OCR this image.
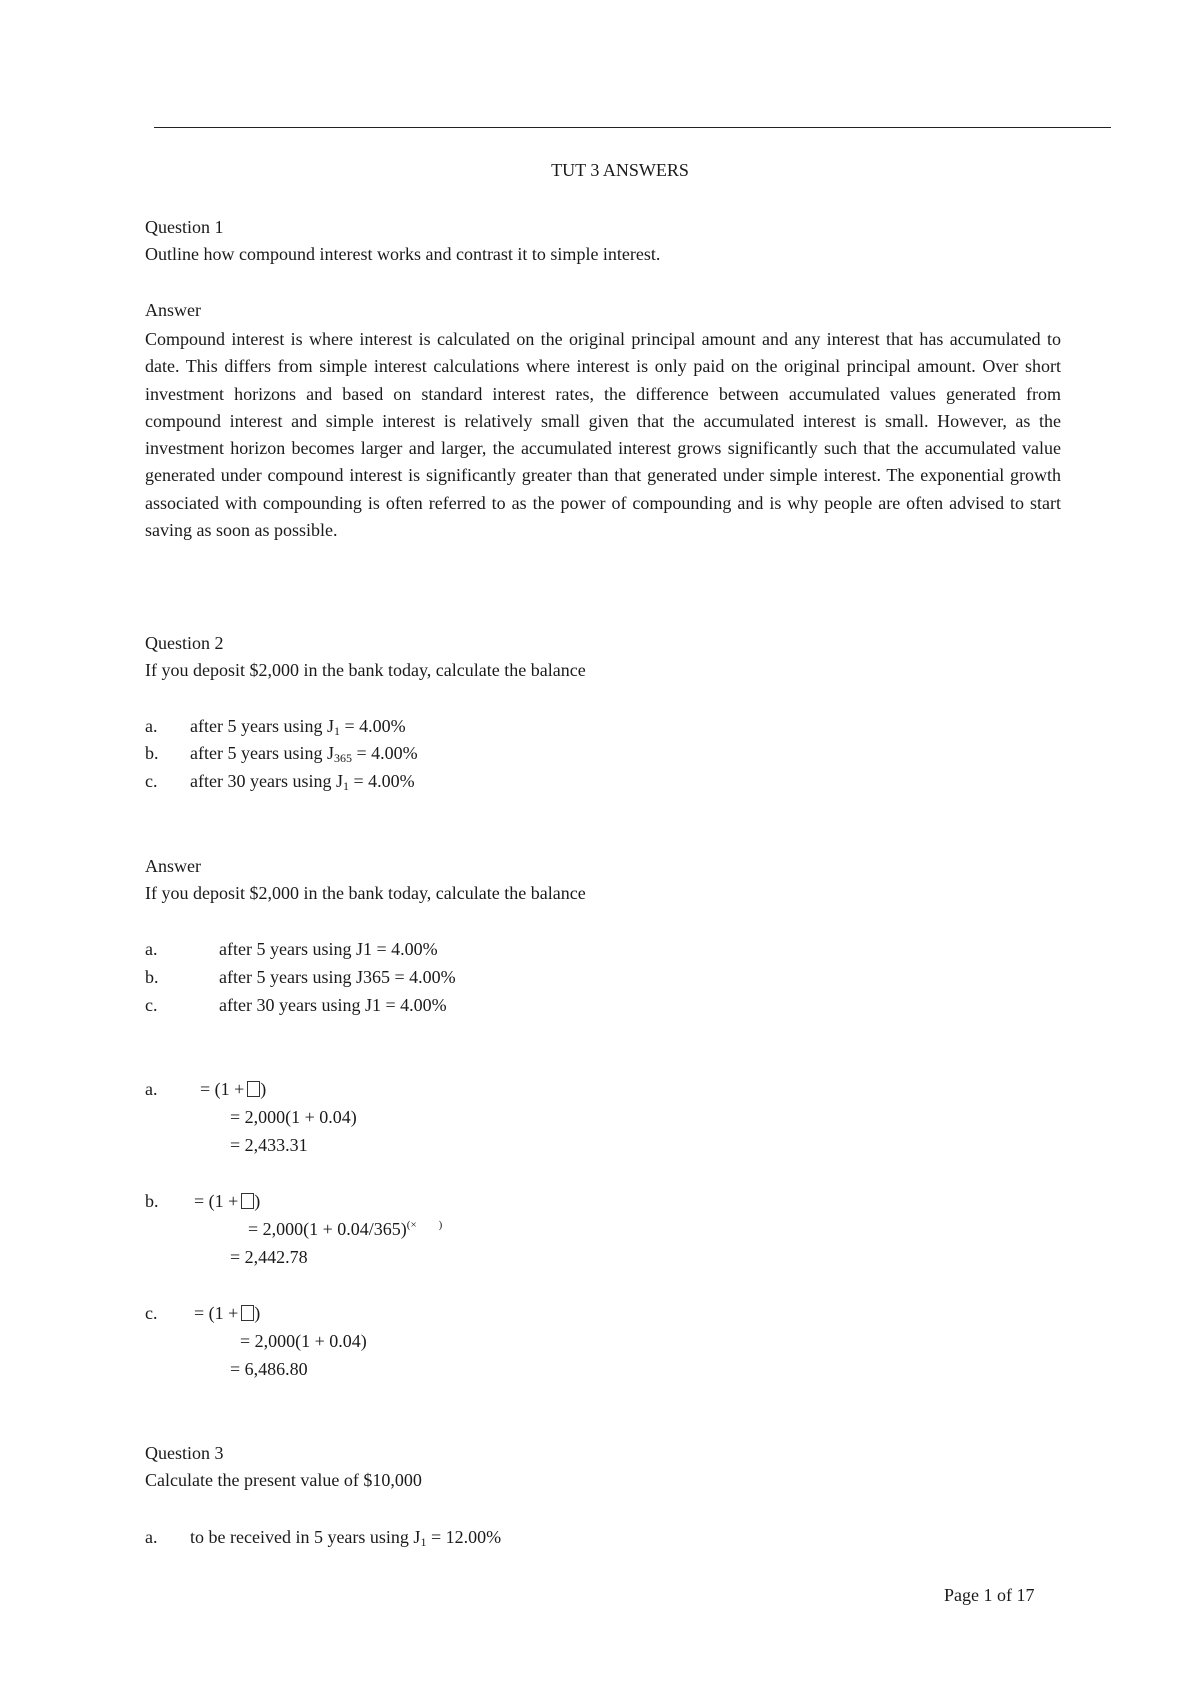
TUT 3 ANSWERS
Question 1
Outline how compound interest works and contrast it to simple interest.
Answer
Compound interest is where interest is calculated on the original principal amount and any interest that has accumulated to date. This differs from simple interest calculations where interest is only paid on the original principal amount. Over short investment horizons and based on standard interest rates, the difference between accumulated values generated from compound interest and simple interest is relatively small given that the accumulated interest is small. However, as the investment horizon becomes larger and larger, the accumulated interest grows significantly such that the accumulated value generated under compound interest is significantly greater than that generated under simple interest. The exponential growth associated with compounding is often referred to as the power of compounding and is why people are often advised to start saving as soon as possible.
Question 2
If you deposit $2,000 in the bank today, calculate the balance
a. after 5 years using $J_1 = 4.00\%$
b. after 5 years using $J_{365} = 4.00\%$
c. after 30 years using $J_1 = 4.00\%$
Answer
If you deposit $2,000 in the bank today, calculate the balance
a.	after 5 years using J1 = 4.00%
b.	after 5 years using J365 = 4.00%
c.	after 30 years using J1 = 4.00%
a. = (1 + )
= 2,000(1 + 0.04)
= 2,433.31
b. = (1 + )
= 2,000(1 + 0.04/365)(×        )
= 2,442.78
c. = (1 + )
= 2,000(1 + 0.04)
= 6,486.80
Question 3
Calculate the present value of $10,000
a. to be received in 5 years using $J_1 = 12.00\%$
Page 1 of 17
